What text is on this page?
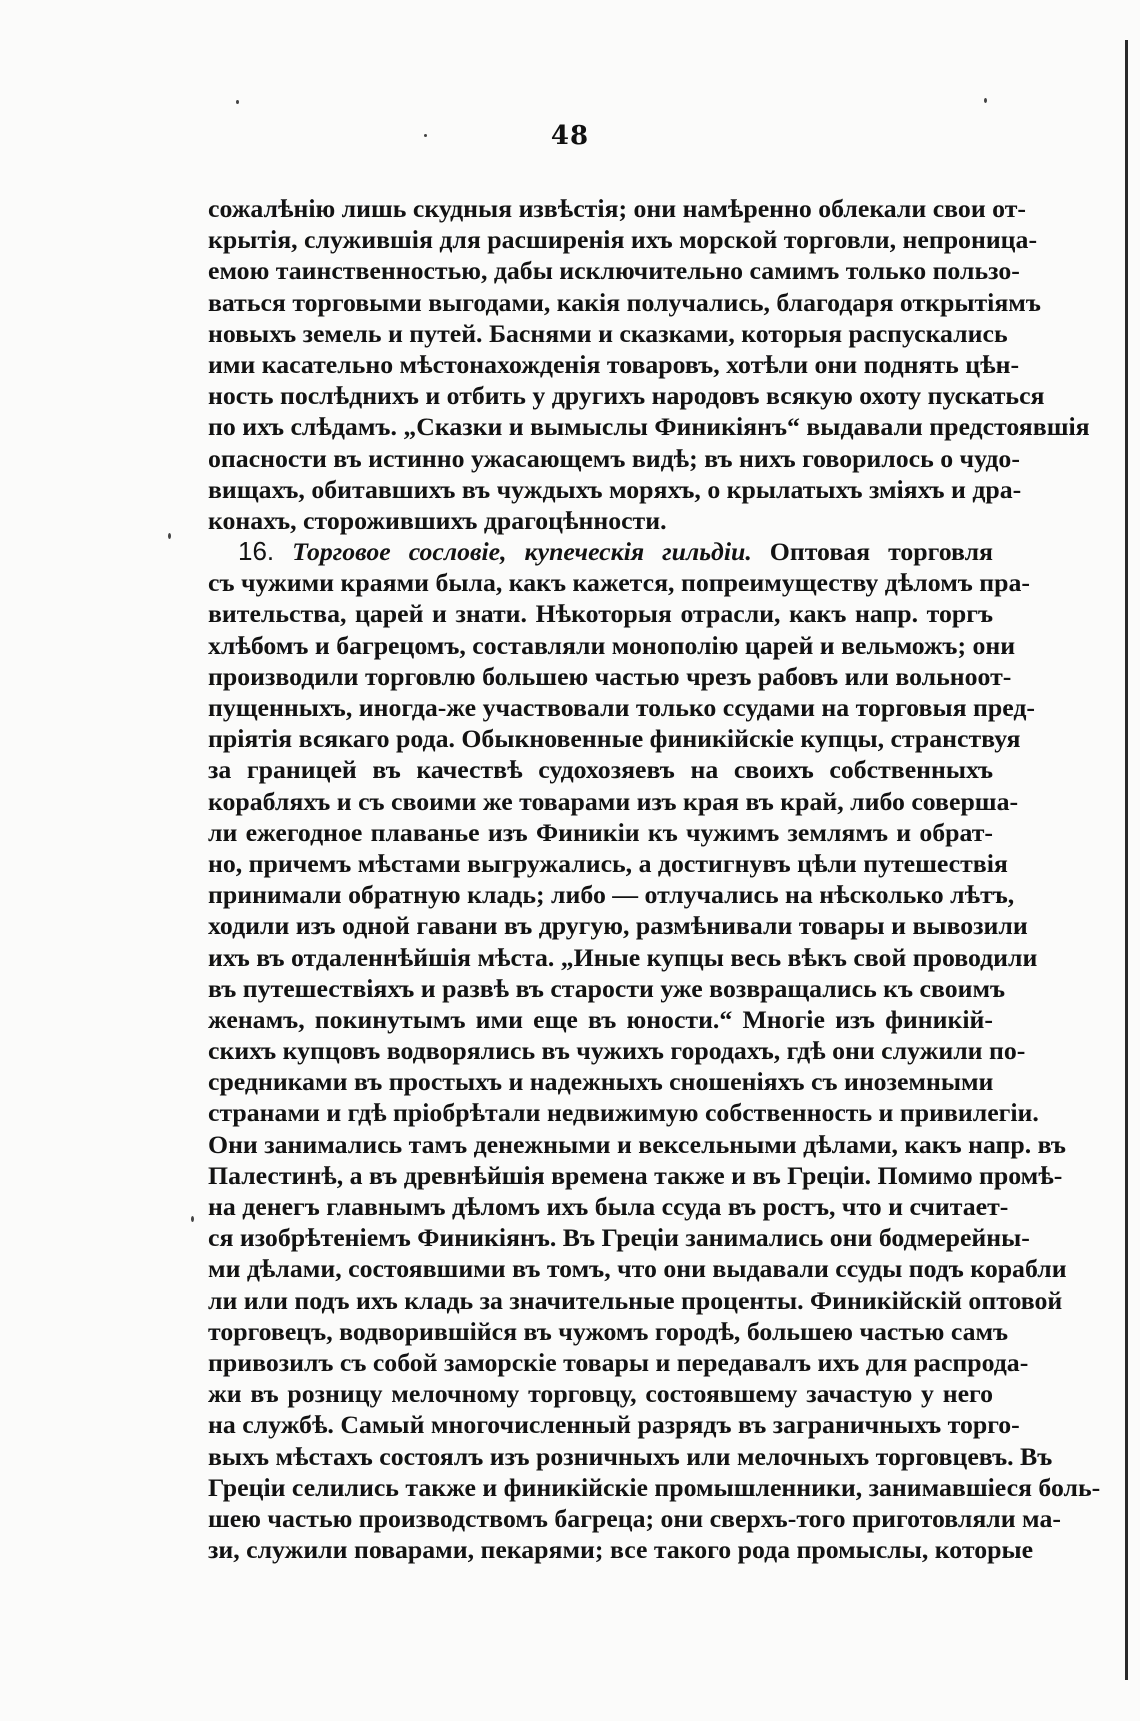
48
сожалѣнію лишь скудныя извѣстія; они намѣренно облекали свои от-
крытія, служившія для расширенія ихъ морской торговли, непроница-
емою таинственностью, дабы исключительно самимъ только пользо-
ваться торговыми выгодами, какія получались, благодаря открытіямъ
новыхъ земель и путей. Баснями и сказками, которыя распускались
ими касательно мѣстонахожденія товаровъ, хотѣли они поднять цѣн-
ность послѣднихъ и отбить у другихъ народовъ всякую охоту пускаться
по ихъ слѣдамъ. „Сказки и вымыслы Финикіянъ“ выдавали предстоявшія
опасности въ истинно ужасающемъ видѣ; въ нихъ говорилось о чудо-
вищахъ, обитавшихъ въ чуждыхъ моряхъ, о крылатыхъ зміяхъ и дра-
конахъ, сторожившихъ драгоцѣнности.
16. Торговое сословіе, купеческія гильдіи. Оптовая торговля
съ чужими краями была, какъ кажется, попреимуществу дѣломъ пра-
вительства, царей и знати. Нѣкоторыя отрасли, какъ напр. торгъ
хлѣбомъ и багрецомъ, составляли монополію царей и вельможъ; они
производили торговлю большею частью чрезъ рабовъ или вольноот-
пущенныхъ, иногда-же участвовали только ссудами на торговыя пред-
пріятія всякаго рода. Обыкновенные финикійскіе купцы, странствуя
за границей въ качествѣ судохозяевъ на своихъ собственныхъ
корабляхъ и съ своими же товарами изъ края въ край, либо соверша-
ли ежегодное плаванье изъ Финикіи къ чужимъ землямъ и обрат-
но, причемъ мѣстами выгружались, а достигнувъ цѣли путешествія
принимали обратную кладь; либо — отлучались на нѣсколько лѣтъ,
ходили изъ одной гавани въ другую, размѣнивали товары и вывозили
ихъ въ отдаленнѣйшія мѣста. „Иные купцы весь вѣкъ свой проводили
въ путешествіяхъ и развѣ въ старости уже возвращались къ своимъ
женамъ, покинутымъ ими еще въ юности.“ Многіе изъ финикій-
скихъ купцовъ водворялись въ чужихъ городахъ, гдѣ они служили по-
средниками въ простыхъ и надежныхъ сношеніяхъ съ иноземными
странами и гдѣ пріобрѣтали недвижимую собственность и привилегіи.
Они занимались тамъ денежными и вексельными дѣлами, какъ напр. въ
Палестинѣ, а въ древнѣйшія времена также и въ Греціи. Помимо промѣ-
на денегъ главнымъ дѣломъ ихъ была ссуда въ ростъ, что и считает-
ся изобрѣтеніемъ Финикіянъ. Въ Греціи занимались они бодмерейны-
ми дѣлами, состоявшими въ томъ, что они выдавали ссуды подъ корабли
ли или подъ ихъ кладь за значительные проценты. Финикійскій оптовой
торговецъ, водворившійся въ чужомъ городѣ, большею частью самъ
привозилъ съ собой заморскіе товары и передавалъ ихъ для распрода-
жи въ розницу мелочному торговцу, состоявшему зачастую у него
на службѣ. Самый многочисленный разрядъ въ заграничныхъ торго-
выхъ мѣстахъ состоялъ изъ розничныхъ или мелочныхъ торговцевъ. Въ
Греціи селились также и финикійскіе промышленники, занимавшіеся боль-
шею частью производствомъ багреца; они сверхъ-того приготовляли ма-
зи, служили поварами, пекарями; все такого рода промыслы, которые
